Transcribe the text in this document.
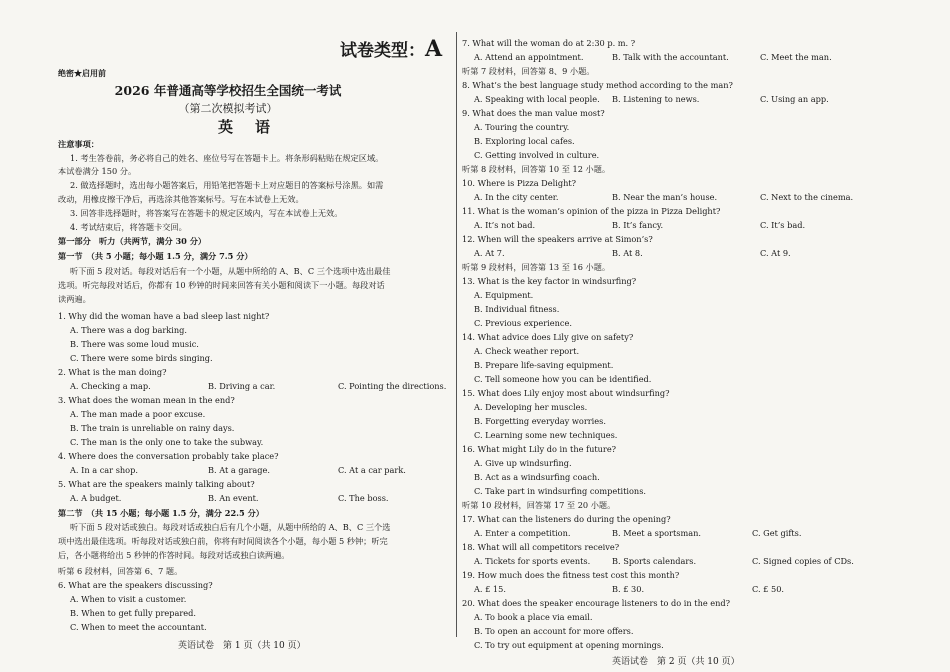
试卷类型：A
绝密★启用前
2026 年普通高等学校招生全国统一考试
（第二次模拟考试）
英语
注意事项：
1. 考生答卷前，务必将自己的姓名、座位号写在答题卡上。将条形码粘贴在规定区域。
本试卷满分 150 分。
2. 做选择题时，选出每小题答案后，用铅笔把答题卡上对应题目的答案标号涂黑。如需
改动，用橡皮擦干净后，再选涂其他答案标号。写在本试卷上无效。
3. 回答非选择题时，将答案写在答题卡的规定区域内，写在本试卷上无效。
4. 考试结束后，将答题卡交回。
第一部分　听力（共两节，满分 30 分）
第一节　（共 5 小题；每小题 1.5 分，满分 7.5 分）
听下面 5 段对话。每段对话后有一个小题，从题中所给的 A、B、C 三个选项中选出最佳
选项。听完每段对话后，你都有 10 秒钟的时间来回答有关小题和阅读下一小题。每段对话
读两遍。
1. Why did the woman have a bad sleep last night?
A. There was a dog barking.
B. There was some loud music.
C. There were some birds singing.
2. What is the man doing?
A. Checking a map.	B. Driving a car.	C. Pointing the directions.
3. What does the woman mean in the end?
A. The man made a poor excuse.
B. The train is unreliable on rainy days.
C. The man is the only one to take the subway.
4. Where does the conversation probably take place?
A. In a car shop.	B. At a garage.	C. At a car park.
5. What are the speakers mainly talking about?
A. A budget.	B. An event.	C. The boss.
第二节　（共 15 小题；每小题 1.5 分，满分 22.5 分）
听下面 5 段对话或独白。每段对话或独白后有几个小题，从题中所给的 A、B、C 三个选
项中选出最佳选项。听每段对话或独白前，你将有时间阅读各个小题，每小题 5 秒钟；听完
后，各小题将给出 5 秒钟的作答时间。每段对话或独白读两遍。
听第 6 段材料，回答第 6、7 题。
6. What are the speakers discussing?
A. When to visit a customer.
B. When to get fully prepared.
C. When to meet the accountant.
英语试卷　第 1 页（共 10 页）
7. What will the woman do at 2:30 p. m. ?
A. Attend an appointment.	B. Talk with the accountant.	C. Meet the man.
听第 7 段材料，回答第 8、9 小题。
8. What’s the best language study method according to the man?
A. Speaking with local people. B. Listening to news.	C. Using an app.
9. What does the man value most?
A. Touring the country.
B. Exploring local cafes.
C. Getting involved in culture.
听第 8 段材料，回答第 10 至 12 小题。
10. Where is Pizza Delight?
A. In the city center.	B. Near the man’s house.	C. Next to the cinema.
11. What is the woman’s opinion of the pizza in Pizza Delight?
A. It’s not bad.	B. It’s fancy.	C. It’s bad.
12. When will the speakers arrive at Simon’s?
A. At 7.	B. At 8.	C. At 9.
听第 9 段材料，回答第 13 至 16 小题。
13. What is the key factor in windsurfing?
A. Equipment.
B. Individual fitness.
C. Previous experience.
14. What advice does Lily give on safety?
A. Check weather report.
B. Prepare life-saving equipment.
C. Tell someone how you can be identified.
15. What does Lily enjoy most about windsurfing?
A. Developing her muscles.
B. Forgetting everyday worries.
C. Learning some new techniques.
16. What might Lily do in the future?
A. Give up windsurfing.
B. Act as a windsurfing coach.
C. Take part in windsurfing competitions.
听第 10 段材料，回答第 17 至 20 小题。
17. What can the listeners do during the opening?
A. Enter a competition.	B. Meet a sportsman.	C. Get gifts.
18. What will all competitors receive?
A. Tickets for sports events.	B. Sports calendars.	C. Signed copies of CDs.
19. How much does the fitness test cost this month?
A. £ 15.	B. £ 30.	C. £ 50.
20. What does the speaker encourage listeners to do in the end?
A. To book a place via email.
B. To open an account for more offers.
C. To try out equipment at opening mornings.
英语试卷　第 2 页（共 10 页）
